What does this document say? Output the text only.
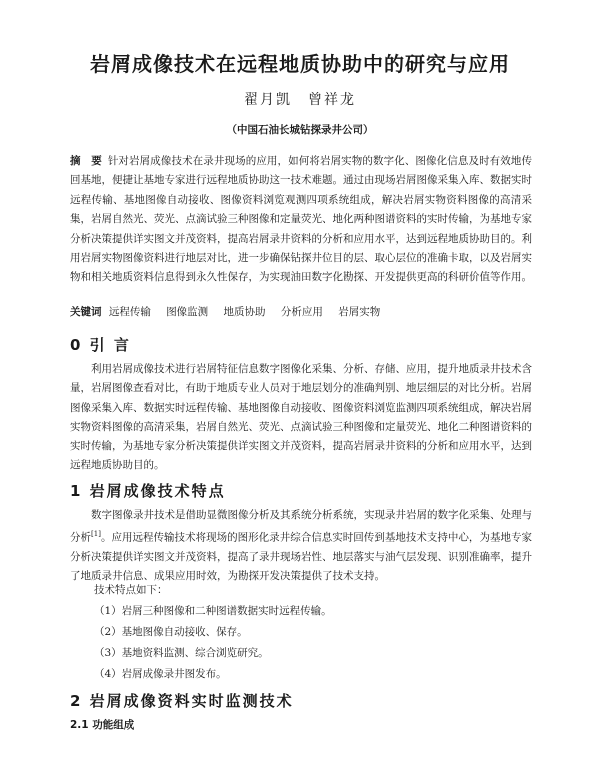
岩屑成像技术在远程地质协助中的研究与应用
翟月凯　曾祥龙
（中国石油长城钻探录井公司）
摘　要 针对岩屑成像技术在录井现场的应用，如何将岩屑实物的数字化、图像化信息及时有效地传回基地，便捷让基地专家进行远程地质协助这一技术难题。通过由现场岩屑图像采集入库、数据实时远程传输、基地图像自动接收、图像资料浏览观测四项系统组成，解决岩屑实物资料图像的高清采集，岩屑自然光、荧光、点滴试验三种图像和定量荧光、地化两种图谱资料的实时传输，为基地专家分析决策提供详实图文并茂资料，提高岩屑录井资料的分析和应用水平，达到远程地质协助目的。利用岩屑实物图像资料进行地层对比，进一步确保钻探井位目的层、取心层位的准确卡取，以及岩屑实物和相关地质资料信息得到永久性保存，为实现油田数字化勘探、开发提供更高的科研价值等作用。
关键词 远程传输 图像监测 地质协助 分析应用 岩屑实物
0 引 言
利用岩屑成像技术进行岩屑特征信息数字图像化采集、分析、存储、应用，提升地质录井技术含量，岩屑图像查看对比，有助于地质专业人员对于地层划分的准确判别、地层细层的对比分析。岩屑图像采集入库、数据实时远程传输、基地图像自动接收、图像资料浏览监测四项系统组成，解决岩屑实物资料图像的高清采集，岩屑自然光、荧光、点滴试验三种图像和定量荧光、地化二种图谱资料的实时传输，为基地专家分析决策提供详实图文并茂资料，提高岩屑录井资料的分析和应用水平，达到远程地质协助目的。
1 岩屑成像技术特点
数字图像录井技术是借助显微图像分析及其系统分析系统，实现录井岩屑的数字化采集、处理与分析[1]。应用远程传输技术将现场的图形化录井综合信息实时回传到基地技术支持中心，为基地专家分析决策提供详实图文并茂资料，提高了录井现场岩性、地层落实与油气层发现、识别准确率，提升了地质录井信息、成果应用时效，为勘探开发决策提供了技术支持。
技术特点如下：
（1）岩屑三种图像和二种图谱数据实时远程传输。
（2）基地图像自动接收、保存。
（3）基地资料监测、综合浏览研究。
（4）岩屑成像录井图发布。
2 岩屑成像资料实时监测技术
2.1 功能组成
